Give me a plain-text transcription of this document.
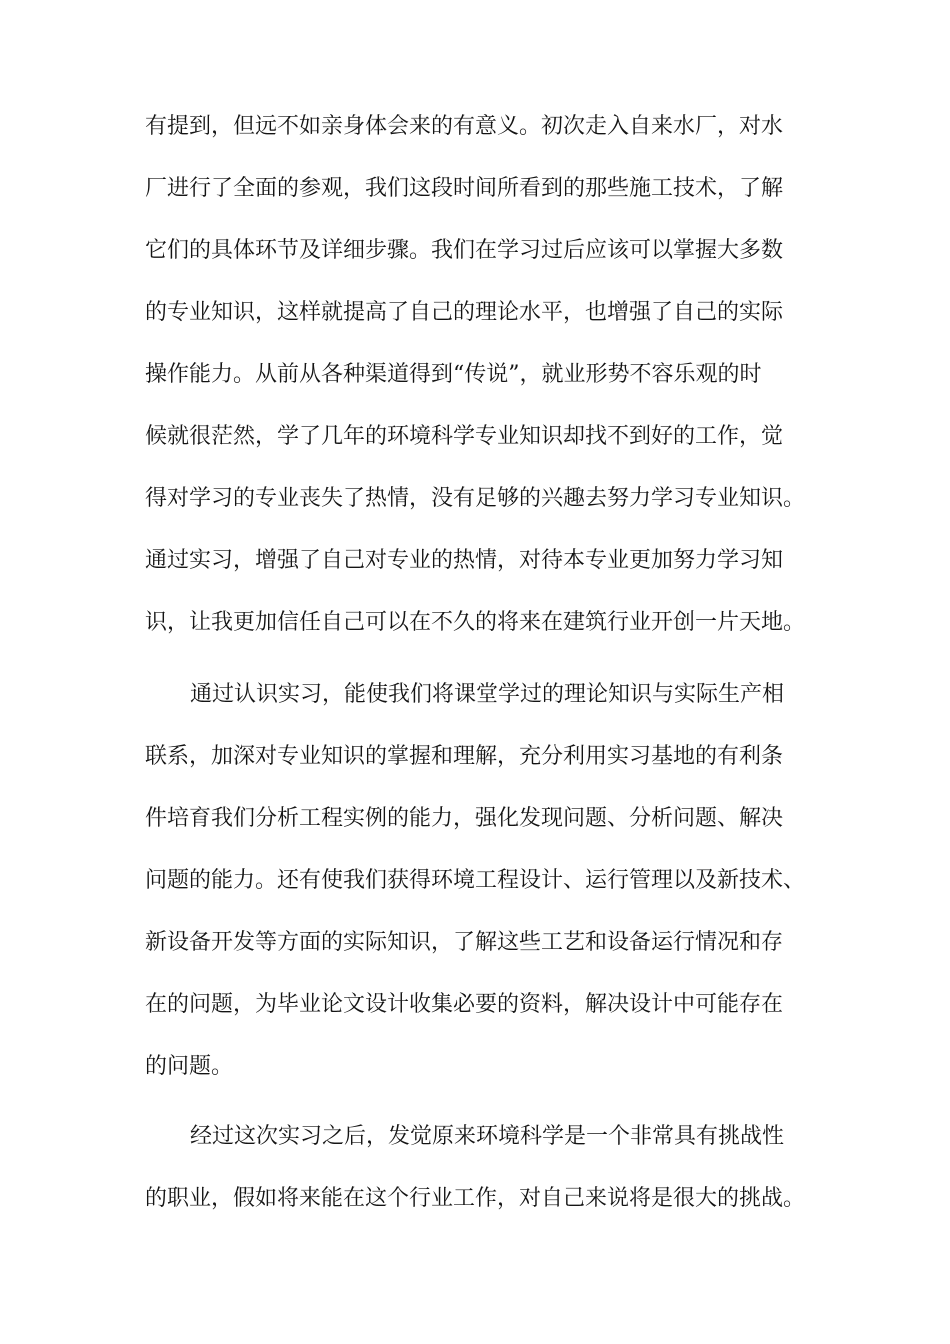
有提到，但远不如亲身体会来的有意义。初次走入自来水厂，对水
厂进行了全面的参观，我们这段时间所看到的那些施工技术，了解
它们的具体环节及详细步骤。我们在学习过后应该可以掌握大多数
的专业知识，这样就提高了自己的理论水平，也增强了自己的实际
操作能力。从前从各种渠道得到“传说”，就业形势不容乐观的时
候就很茫然，学了几年的环境科学专业知识却找不到好的工作，觉
得对学习的专业丧失了热情，没有足够的兴趣去努力学习专业知识。
通过实习，增强了自己对专业的热情，对待本专业更加努力学习知
识，让我更加信任自己可以在不久的将来在建筑行业开创一片天地。
通过认识实习，能使我们将课堂学过的理论知识与实际生产相
联系，加深对专业知识的掌握和理解，充分利用实习基地的有利条
件培育我们分析工程实例的能力，强化发现问题、分析问题、解决
问题的能力。还有使我们获得环境工程设计、运行管理以及新技术、
新设备开发等方面的实际知识，了解这些工艺和设备运行情况和存
在的问题，为毕业论文设计收集必要的资料，解决设计中可能存在
的问题。
经过这次实习之后，发觉原来环境科学是一个非常具有挑战性
的职业，假如将来能在这个行业工作，对自己来说将是很大的挑战。
